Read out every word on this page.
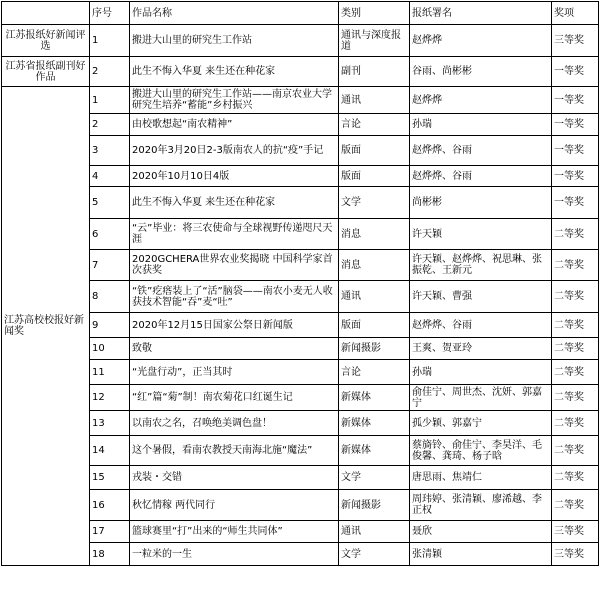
	序号	作品名称	类别	报纸署名	奖项
江苏报纸好新闻评选	1	搬进大山里的研究生工作站	通讯与深度报道	赵烨烨	三等奖
江苏省报纸副刊好作品	2	此生不悔入华夏 来生还在种花家	副刊	谷雨、尚彬彬	一等奖
江苏高校校报好新闻奖	1	搬进大山里的研究生工作站——南京农业大学研究生培养“蓄能”乡村振兴	通讯	赵烨烨	一等奖
	2	由校歌想起“南农精神”	言论	孙瑞	一等奖
	3	2020年3月20日2-3版南农人的抗“疫”手记	版面	赵烨烨、谷雨	一等奖
	4	2020年10月10日4版	版面	赵烨烨、谷雨	一等奖
	5	此生不悔入华夏 来生还在种花家	文学	尚彬彬	一等奖
	6	“云”毕业：将三农使命与全球视野传递咫尺天涯	消息	许天颖	二等奖
	7	2020GCHERA世界农业奖揭晓 中国科学家首次获奖	消息	许天颖、赵烨烨、祝思琳、张振乾、王新元	二等奖
	8	“铁”疙瘩装上了“活”脑袋——南农小麦无人收获技术智能“吞”麦“吐”	通讯	许天颖、曹强	二等奖
	9	2020年12月15日国家公祭日新闻版	版面	赵烨烨、谷雨	二等奖
	10	致敬	新闻摄影	王爽、贺亚玲	二等奖
	11	“光盘行动”，正当其时	言论	孙瑞	二等奖
	12	“红”篇“菊”制！南农菊花口红诞生记	新媒体	俞佳宁、周世杰、沈妍、郭嘉宁	二等奖
	13	以南农之名，召唤绝美调色盘！	新媒体	孤少颖、郭嘉宁	二等奖
	14	这个暑假，看南农教授天南海北施“魔法”	新媒体	蔡旖铃、俞佳宁、李昊洋、毛俊馨、龚琦、杨子晗	二等奖
	15	戎装・交错	文学	唐思雨、焦靖仁	二等奖
	16	秋忆情稼 两代同行	新闻摄影	周玮婷、张清颖、廖浠越、李正权	二等奖
	17	篮球赛里“打”出来的“师生共同体”	通讯	聂欣	三等奖
	18	一粒米的一生	文学	张清颖	三等奖
